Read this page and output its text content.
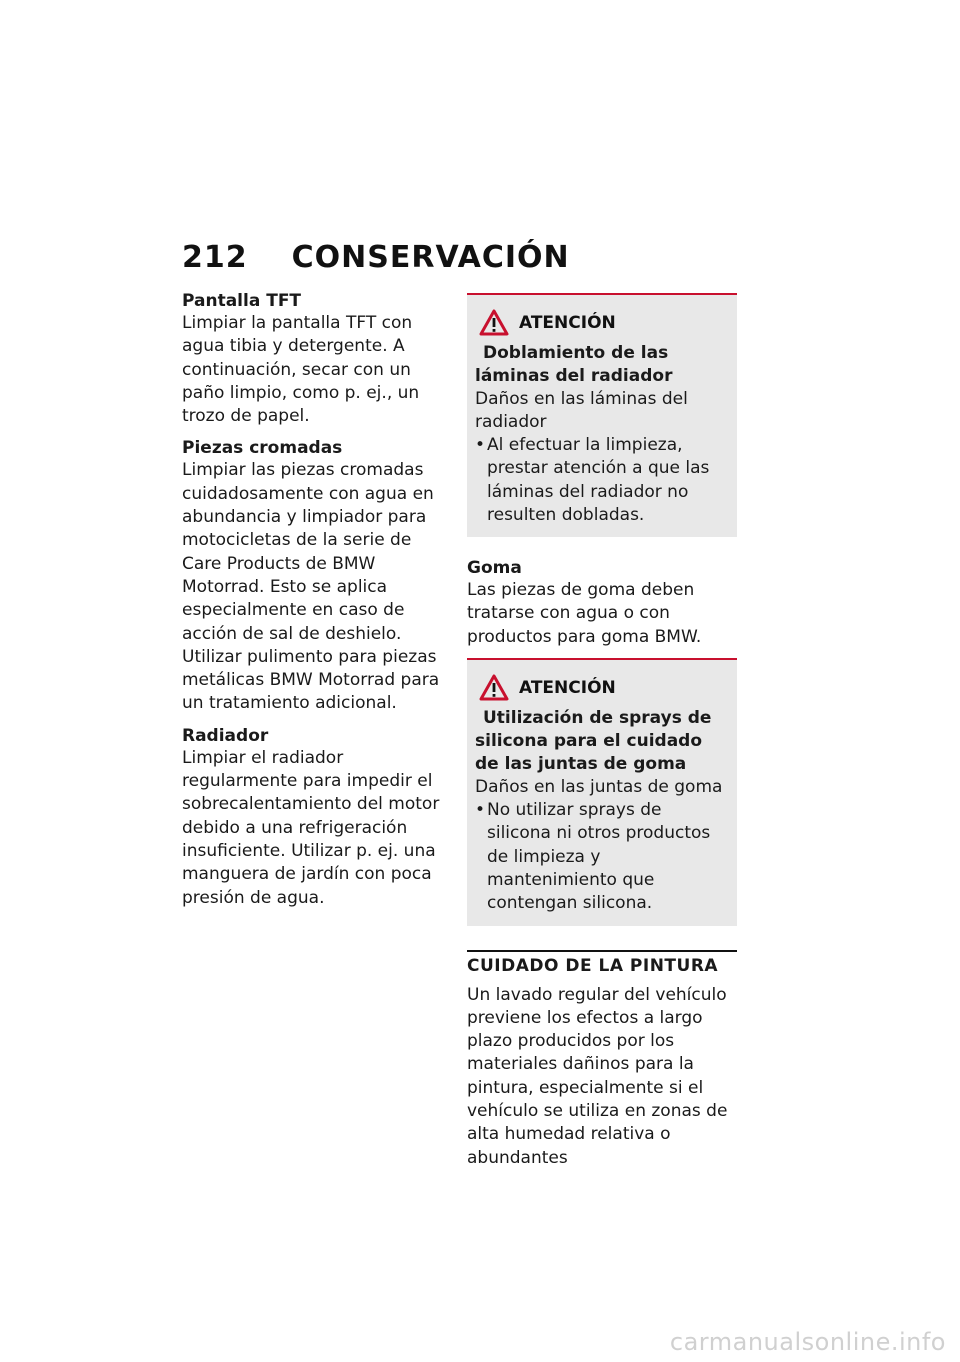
212 CONSERVACIÓN

Pantalla TFT

Limpiar la pantalla TFT con agua tibia y detergente. A continuación, secar con un paño limpio, como p. ej., un trozo de papel.

Piezas cromadas

Limpiar las piezas cromadas cuidadosamente con agua en abundancia y limpiador para motocicletas de la serie de Care Products de BMW Motorrad. Esto se aplica especialmente en caso de acción de sal de deshielo. Utilizar pulimento para piezas metálicas BMW Motorrad para un tratamiento adicional.

Radiador

Limpiar el radiador regularmente para impedir el sobrecalentamiento del motor debido a una refrigeración insuficiente. Utilizar p. ej. una manguera de jardín con poca presión de agua.

ATENCIÓN

Doblamiento de las láminas del radiador

Daños en las láminas del radiador

• Al efectuar la limpieza, prestar atención a que las láminas del radiador no resulten dobladas.

Goma

Las piezas de goma deben tratarse con agua o con productos para goma BMW.

ATENCIÓN

Utilización de sprays de silicona para el cuidado de las juntas de goma

Daños en las juntas de goma

• No utilizar sprays de silicona ni otros productos de limpieza y mantenimiento que contengan silicona.

CUIDADO DE LA PINTURA

Un lavado regular del vehículo previene los efectos a largo plazo producidos por los materiales dañinos para la pintura, especialmente si el vehículo se utiliza en zonas de alta humedad relativa o abundantes

carmanualsonline.info
